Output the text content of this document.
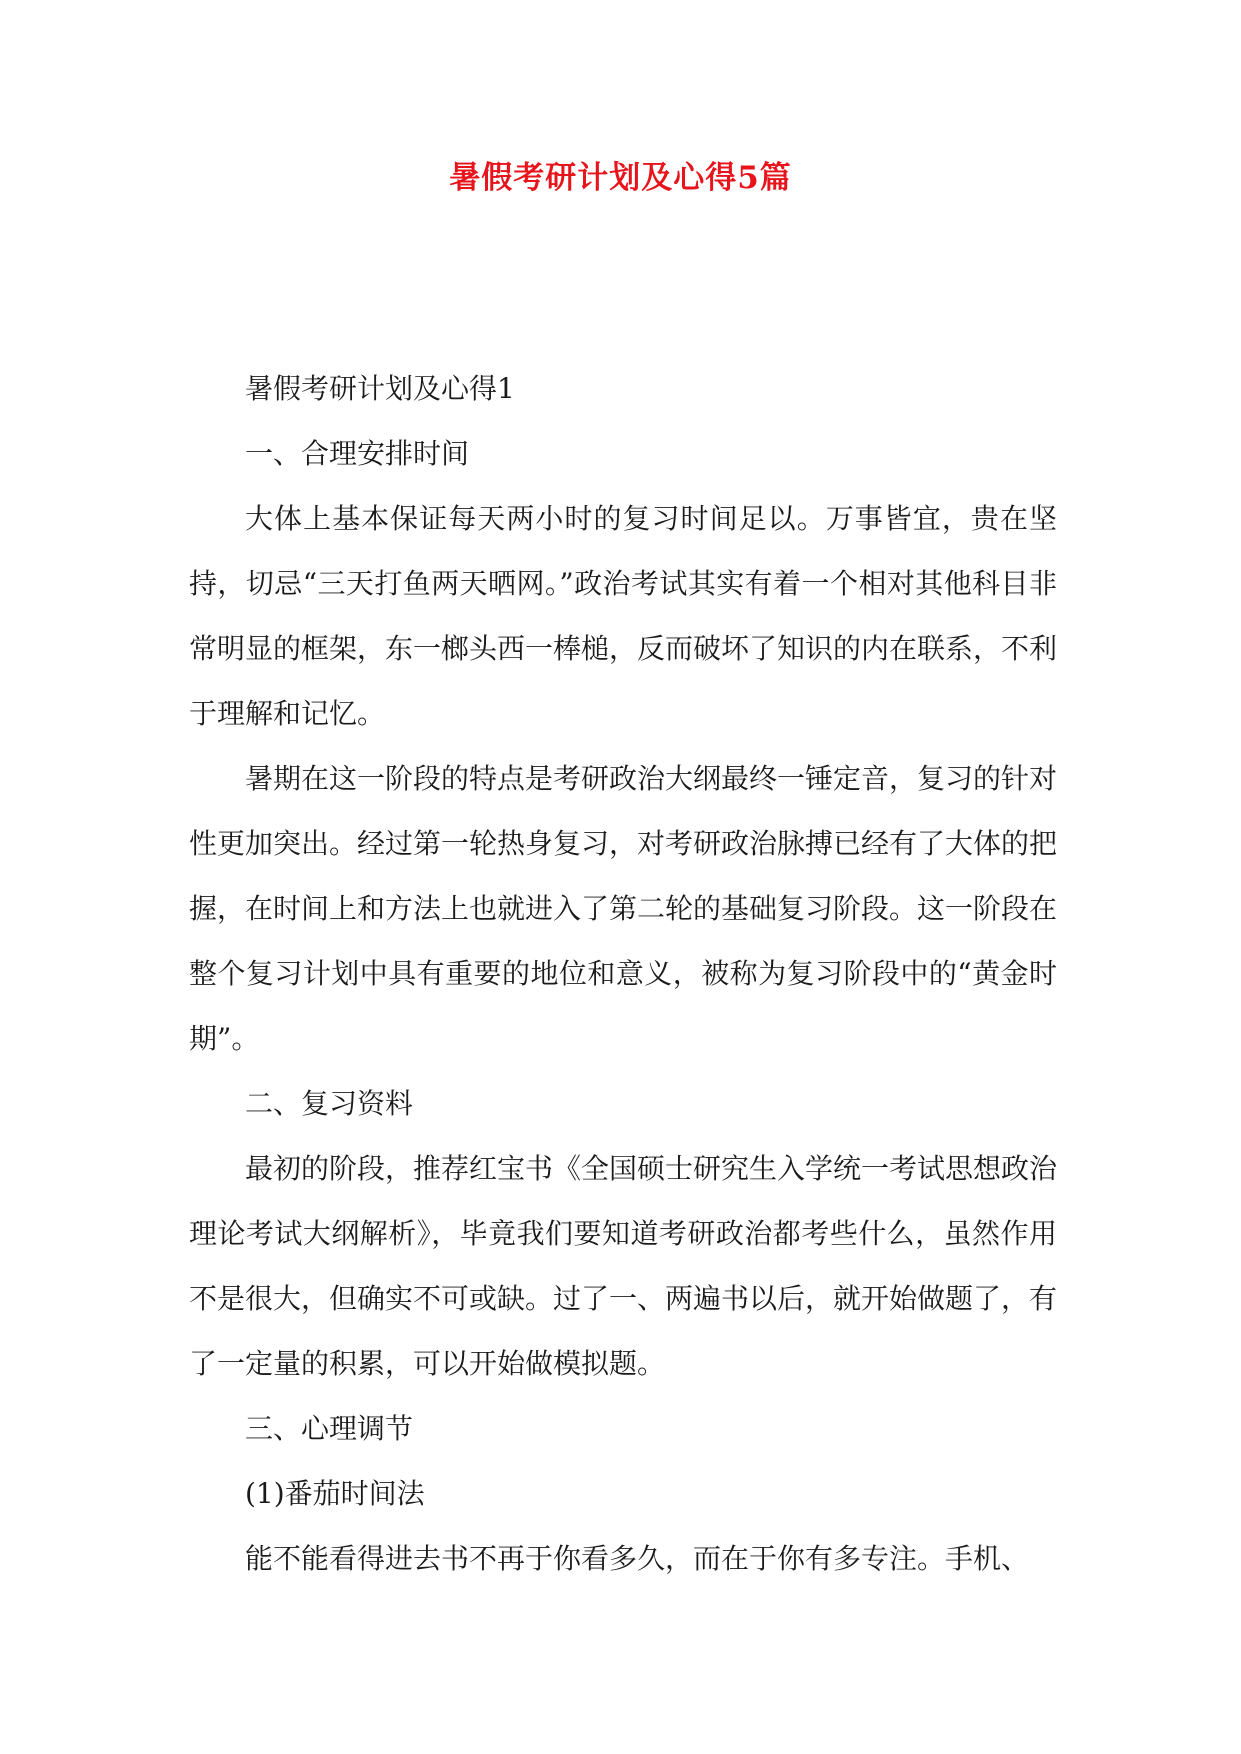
暑假考研计划及心得5篇

暑假考研计划及心得1

一、合理安排时间

大体上基本保证每天两小时的复习时间足以。万事皆宜，贵在坚持，切忌“三天打鱼两天晒网。”政治考试其实有着一个相对其他科目非常明显的框架，东一榔头西一棒槌，反而破坏了知识的内在联系，不利于理解和记忆。

暑期在这一阶段的特点是考研政治大纲最终一锤定音，复习的针对性更加突出。经过第一轮热身复习，对考研政治脉搏已经有了大体的把握，在时间上和方法上也就进入了第二轮的基础复习阶段。这一阶段在整个复习计划中具有重要的地位和意义，被称为复习阶段中的“黄金时期”。

二、复习资料

最初的阶段，推荐红宝书《全国硕士研究生入学统一考试思想政治理论考试大纲解析》，毕竟我们要知道考研政治都考些什么，虽然作用不是很大，但确实不可或缺。过了一、两遍书以后，就开始做题了，有了一定量的积累，可以开始做模拟题。

三、心理调节

(1)番茄时间法

能不能看得进去书不再于你看多久，而在于你有多专注。手机、
